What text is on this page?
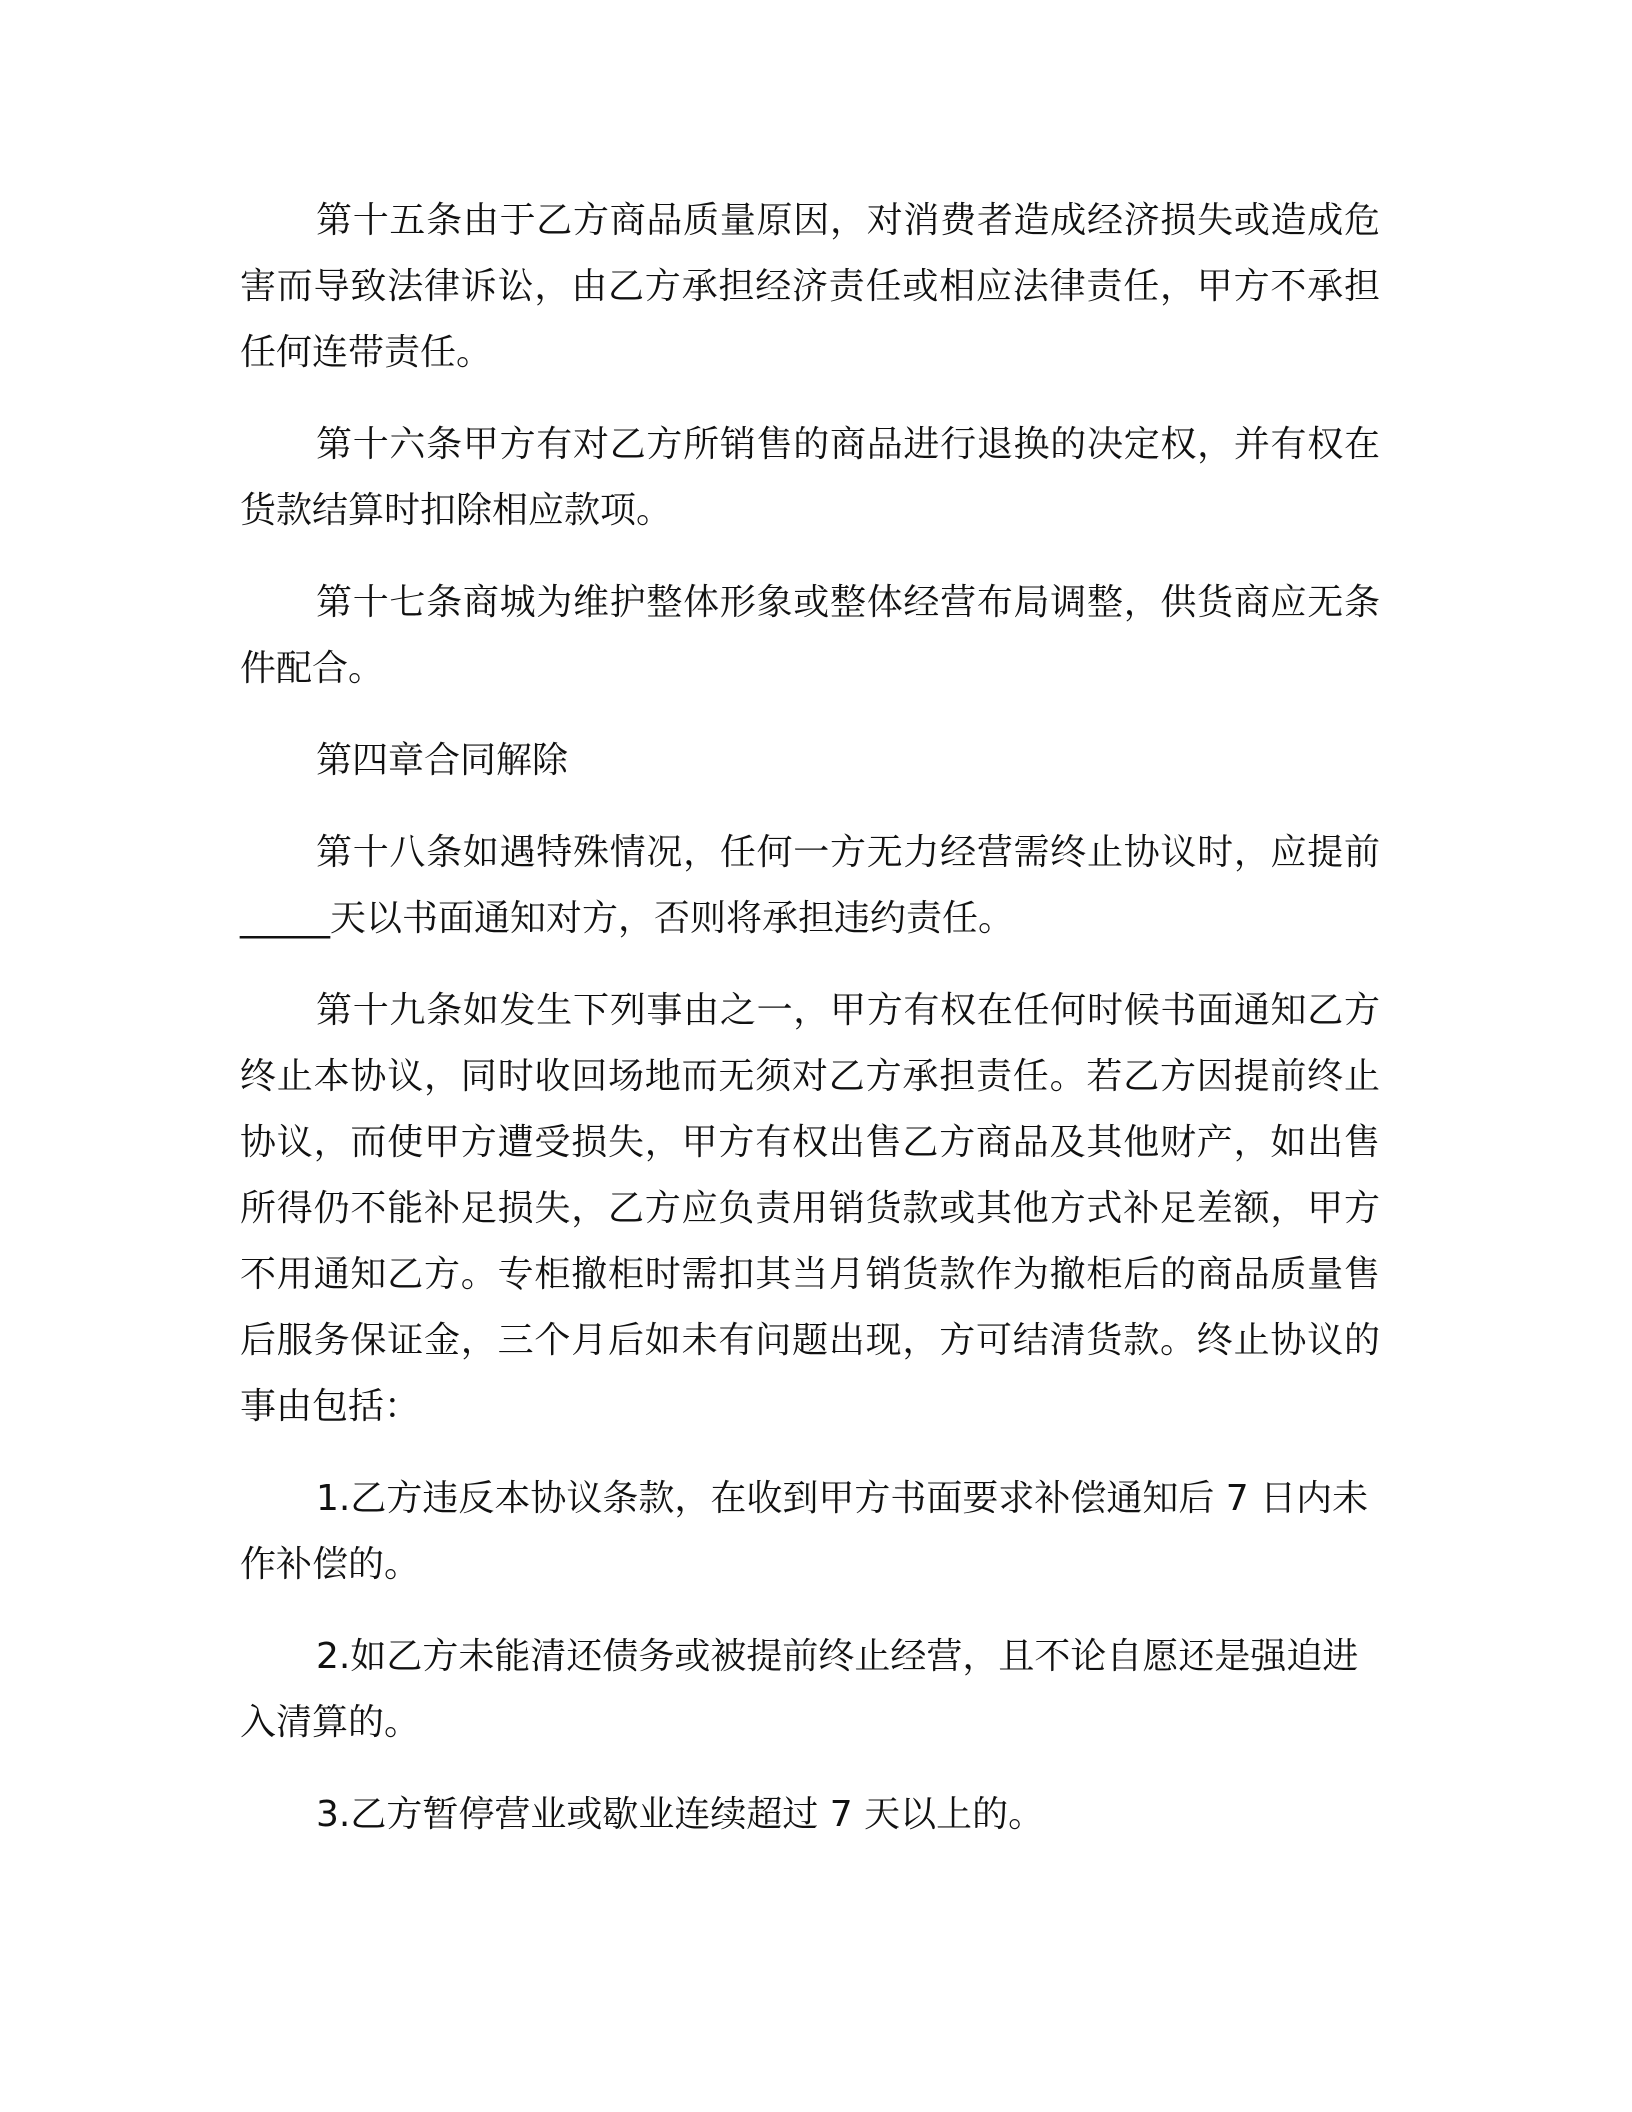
第十五条由于乙方商品质量原因，对消费者造成经济损失或造成危害而导致法律诉讼，由乙方承担经济责任或相应法律责任，甲方不承担任何连带责任。

第十六条甲方有对乙方所销售的商品进行退换的决定权，并有权在货款结算时扣除相应款项。

第十七条商城为维护整体形象或整体经营布局调整，供货商应无条件配合。

第四章合同解除

第十八条如遇特殊情况，任何一方无力经营需终止协议时，应提前_____天以书面通知对方，否则将承担违约责任。

第十九条如发生下列事由之一，甲方有权在任何时候书面通知乙方终止本协议，同时收回场地而无须对乙方承担责任。若乙方因提前终止协议，而使甲方遭受损失，甲方有权出售乙方商品及其他财产，如出售所得仍不能补足损失，乙方应负责用销货款或其他方式补足差额，甲方不用通知乙方。专柜撤柜时需扣其当月销货款作为撤柜后的商品质量售后服务保证金，三个月后如未有问题出现，方可结清货款。终止协议的事由包括：

1.乙方违反本协议条款，在收到甲方书面要求补偿通知后 7 日内未作补偿的。

2.如乙方未能清还债务或被提前终止经营，且不论自愿还是强迫进入清算的。

3.乙方暂停营业或歇业连续超过 7 天以上的。
